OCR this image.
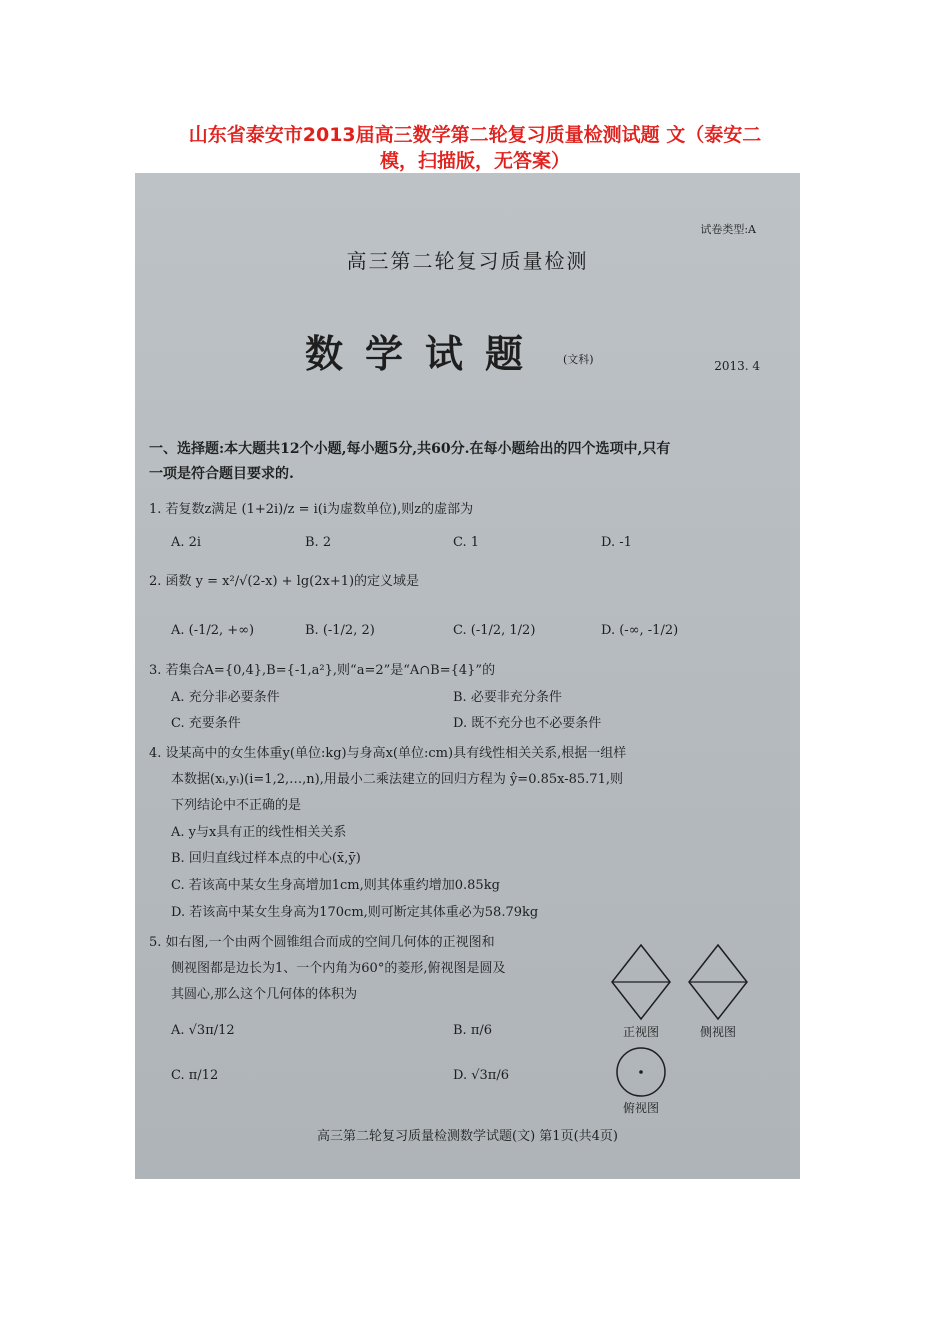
山东省泰安市2013届高三数学第二轮复习质量检测试题 文（泰安二
模，扫描版，无答案）
试卷类型:A
高三第二轮复习质量检测
数学试题 (文科)	2013. 4
一、选择题:本大题共12个小题,每小题5分,共60分.在每小题给出的四个选项中,只有
一项是符合题目要求的.
1. 若复数z满足 (1+2i)/z = i(i为虚数单位),则z的虚部为
A. 2i	B. 2	C. 1	D. -1
2. 函数 y = x²/√(2-x) + lg(2x+1)的定义域是
A. (-1/2, +∞)	B. (-1/2, 2)	C. (-1/2, 1/2)	D. (-∞, -1/2)
3. 若集合A={0,4},B={-1,a²},则“a=2”是“A∩B={4}”的
A. 充分非必要条件	B. 必要非充分条件
C. 充要条件	D. 既不充分也不必要条件
4. 设某高中的女生体重y(单位:kg)与身高x(单位:cm)具有线性相关关系,根据一组样
本数据(xᵢ,yᵢ)(i=1,2,…,n),用最小二乘法建立的回归方程为 ŷ=0.85x-85.71,则
下列结论中不正确的是
A. y与x具有正的线性相关关系
B. 回归直线过样本点的中心(x̄,ȳ)
C. 若该高中某女生身高增加1cm,则其体重约增加0.85kg
D. 若该高中某女生身高为170cm,则可断定其体重必为58.79kg
5. 如右图,一个由两个圆锥组合而成的空间几何体的正视图和
侧视图都是边长为1、一个内角为60°的菱形,俯视图是圆及
其圆心,那么这个几何体的体积为
A. √3π/12	B. π/6
C. π/12	D. √3π/6
正视图	侧视图
俯视图
高三第二轮复习质量检测数学试题(文) 第1页(共4页)
